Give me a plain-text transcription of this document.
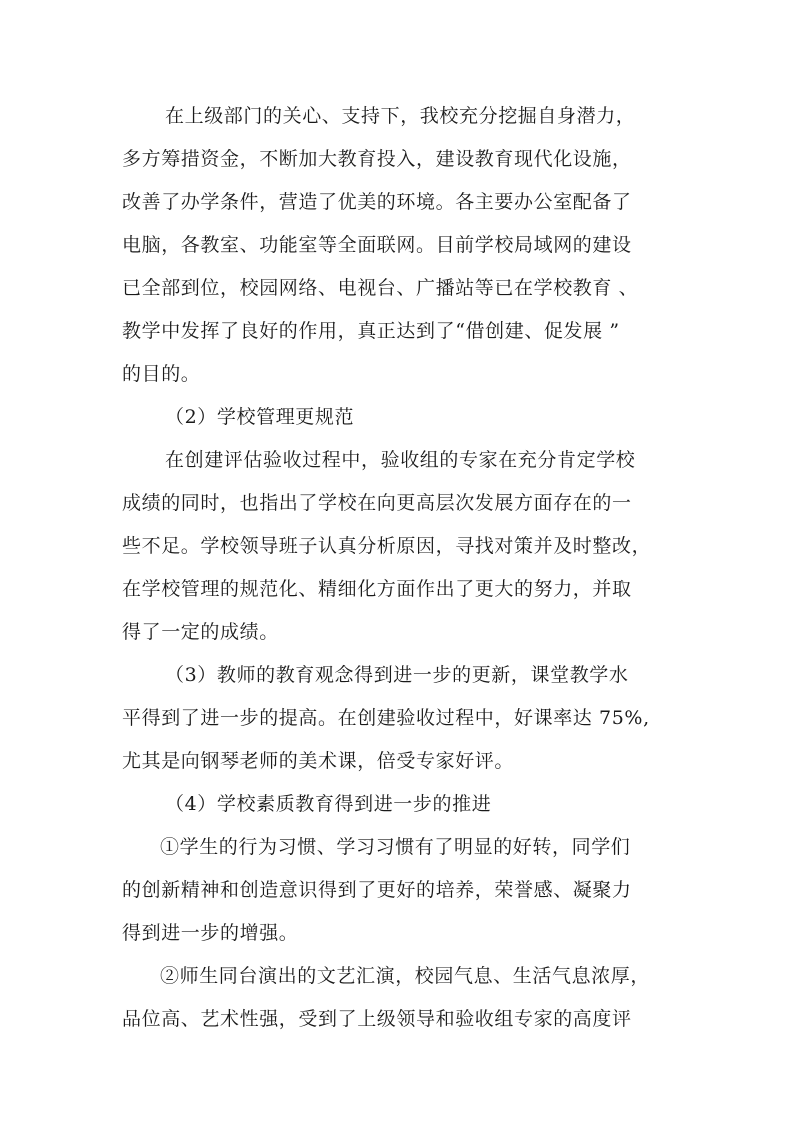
在上级部门的关心、支持下，我校充分挖掘自身潜力，
多方筹措资金，不断加大教育投入，建设教育现代化设施，
改善了办学条件，营造了优美的环境。各主要办公室配备了
电脑，各教室、功能室等全面联网。目前学校局域网的建设
已全部到位，校园网络、电视台、广播站等已在学校教育 、
教学中发挥了良好的作用，真正达到了“借创建、促发展 ”
的目的。
（2）学校管理更规范
在创建评估验收过程中，验收组的专家在充分肯定学校
成绩的同时，也指出了学校在向更高层次发展方面存在的一
些不足。学校领导班子认真分析原因，寻找对策并及时整改，
在学校管理的规范化、精细化方面作出了更大的努力，并取
得了一定的成绩。
（3）教师的教育观念得到进一步的更新，课堂教学水
平得到了进一步的提高。在创建验收过程中，好课率达 75%,
尤其是向钢琴老师的美术课，倍受专家好评。
（4）学校素质教育得到进一步的推进
①学生的行为习惯、学习习惯有了明显的好转，同学们
的创新精神和创造意识得到了更好的培养，荣誉感、凝聚力
得到进一步的增强。
②师生同台演出的文艺汇演，校园气息、生活气息浓厚，
品位高、艺术性强，受到了上级领导和验收组专家的高度评
